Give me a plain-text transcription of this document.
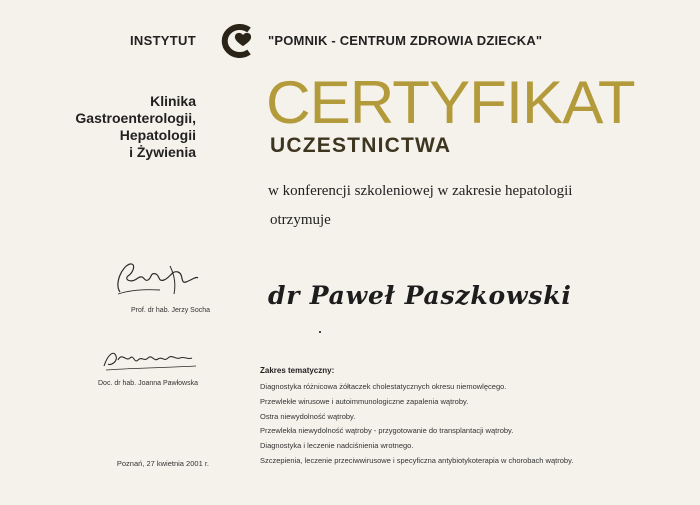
INSTYTUT	"POMNIK - CENTRUM ZDROWIA DZIECKA"
Klinika
Gastroenterologii,
Hepatologii
i Żywienia
CERTYFIKAT
UCZESTNICTWA
w konferencji szkoleniowej w zakresie hepatologii
otrzymuje
dr Paweł Paszkowski
Prof. dr hab. Jerzy Socha
Doc. dr hab. Joanna Pawłowska
Poznań, 27 kwietnia 2001 r.
Zakres tematyczny:
Diagnostyka różnicowa żółtaczek cholestatycznych okresu niemowlęcego.
Przewlekłe wirusowe i autoimmunologiczne zapalenia wątroby.
Ostra niewydolność wątroby.
Przewlekła niewydolność wątroby - przygotowanie do transplantacji wątroby.
Diagnostyka i leczenie nadciśnienia wrotnego.
Szczepienia, leczenie przeciwwirusowe i specyficzna antybiotykoterapia w chorobach wątroby.
